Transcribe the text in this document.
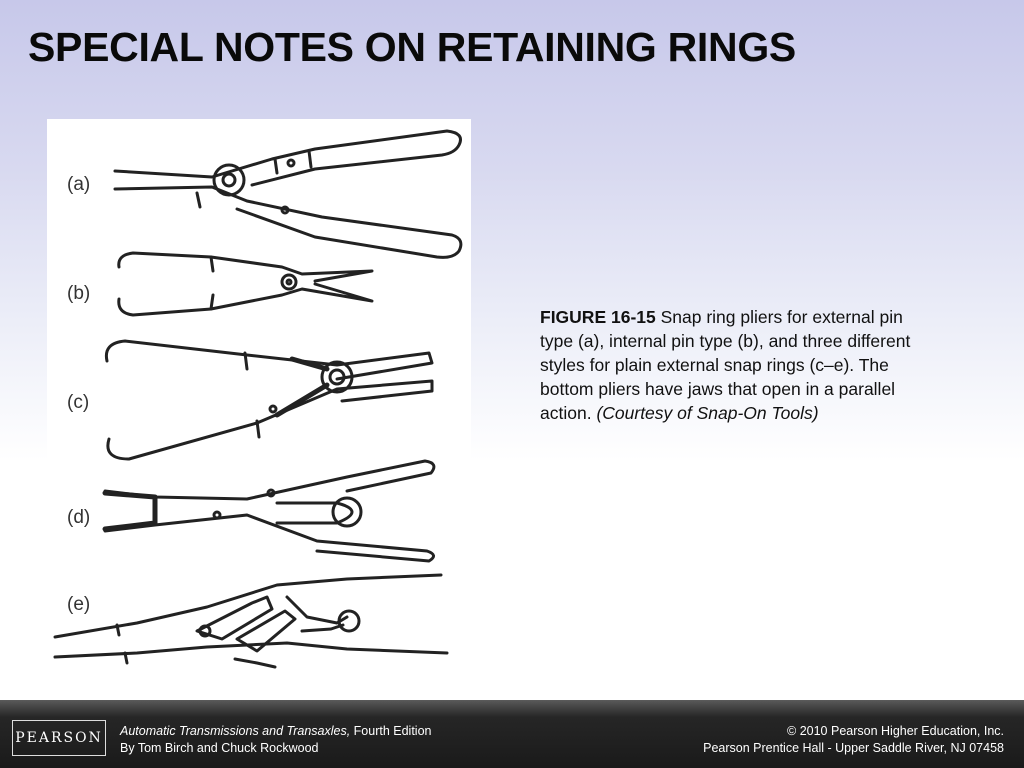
SPECIAL NOTES ON RETAINING RINGS
(a)
(b)
(c)
(d)
(e)
FIGURE 16-15 Snap ring pliers for external pin type (a), internal pin type (b), and three different styles for plain external snap rings (c–e). The bottom pliers have jaws that open in a parallel action. (Courtesy of Snap-On Tools)
PEARSON Automatic Transmissions and Transaxles, Fourth Edition
By Tom Birch and Chuck Rockwood
© 2010 Pearson Higher Education, Inc.
Pearson Prentice Hall - Upper Saddle River, NJ 07458
